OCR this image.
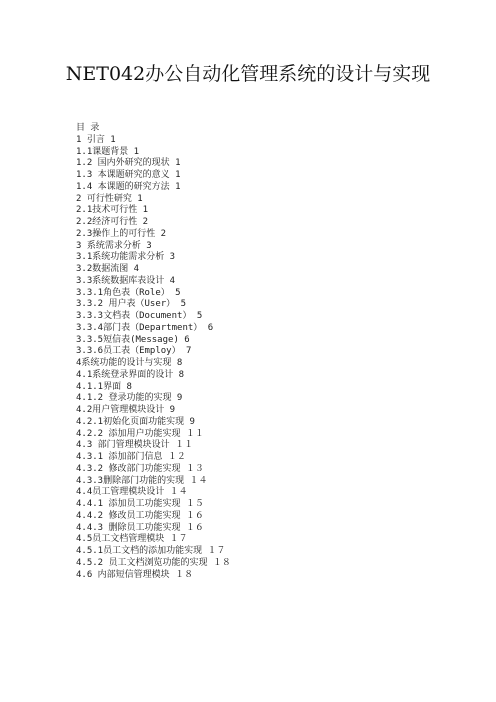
NET042办公自动化管理系统的设计与实现
目 录
1 引言 1
1.1课题背景 1
1.2 国内外研究的现状 1
1.3 本课题研究的意义 1
1.4 本课题的研究方法 1
2 可行性研究 1
2.1技术可行性 1
2.2经济可行性 2
2.3操作上的可行性 2
3 系统需求分析 3
3.1系统功能需求分析 3
3.2数据流图 4
3.3系统数据库表设计 4
3.3.1角色表（Role） 5
3.3.2 用户表（User） 5
3.3.3文档表（Document） 5
3.3.4部门表（Department） 6
3.3.5短信表(Message) 6
3.3.6员工表（Employ） 7
4系统功能的设计与实现 8
4.1系统登录界面的设计 8
4.1.1界面 8
4.1.2 登录功能的实现 9
4.2用户管理模块设计 9
4.2.1初始化页面功能实现 9
4.2.2 添加用户功能实现 １１
4.3 部门管理模块设计 １１
4.3.1 添加部门信息 １２
4.3.2 修改部门功能实现 １３
4.3.3删除部门功能的实现 １４
4.4员工管理模块设计 １４
4.4.1 添加员工功能实现 １５
4.4.2 修改员工功能实现 １６
4.4.3 删除员工功能实现 １６
4.5员工文档管理模块 １７
4.5.1员工文档的添加功能实现 １７
4.5.2 员工文档浏览功能的实现 １８
4.6 内部短信管理模块 １８
